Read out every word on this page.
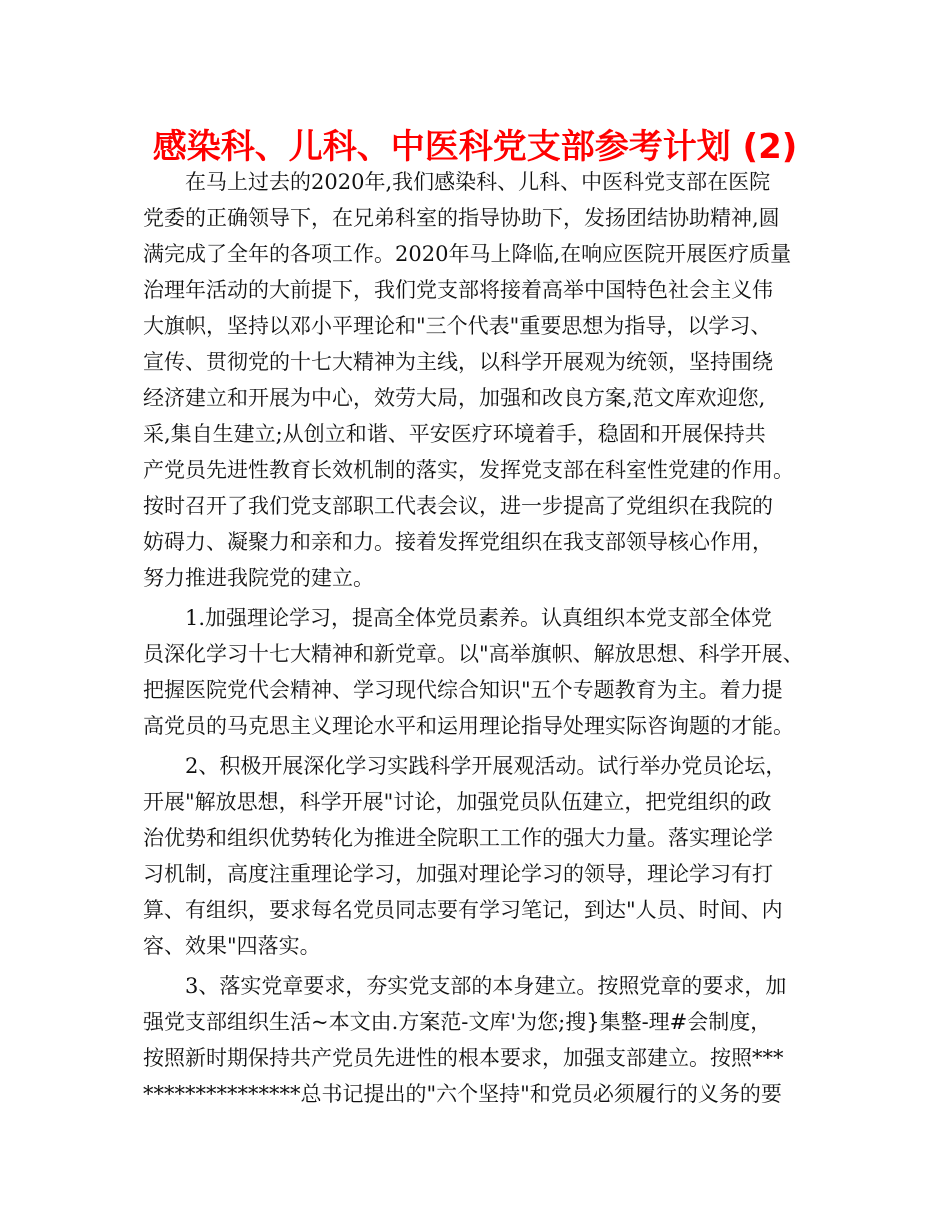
感染科、儿科、中医科党支部参考计划 (2)

　　在马上过去的2020年,我们感染科、儿科、中医科党支部在医院

党委的正确领导下，在兄弟科室的指导协助下，发扬团结协助精神,圆

满完成了全年的各项工作。2020年马上降临,在响应医院开展医疗质量

治理年活动的大前提下，我们党支部将接着高举中国特色社会主义伟

大旗帜，坚持以邓小平理论和"三个代表"重要思想为指导，以学习、

宣传、贯彻党的十七大精神为主线，以科学开展观为统领，坚持围绕

经济建立和开展为中心，效劳大局，加强和改良方案,范文库欢迎您,

采,集自生建立;从创立和谐、平安医疗环境着手，稳固和开展保持共

产党员先进性教育长效机制的落实，发挥党支部在科室性党建的作用。

按时召开了我们党支部职工代表会议，进一步提高了党组织在我院的

妨碍力、凝聚力和亲和力。接着发挥党组织在我支部领导核心作用，

努力推进我院党的建立。

　　1.加强理论学习，提高全体党员素养。认真组织本党支部全体党

员深化学习十七大精神和新党章。以"高举旗帜、解放思想、科学开展、

把握医院党代会精神、学习现代综合知识"五个专题教育为主。着力提

高党员的马克思主义理论水平和运用理论指导处理实际咨询题的才能。

　　2、积极开展深化学习实践科学开展观活动。试行举办党员论坛，

开展"解放思想，科学开展"讨论，加强党员队伍建立，把党组织的政

治优势和组织优势转化为推进全院职工工作的强大力量。落实理论学

习机制，高度注重理论学习，加强对理论学习的领导，理论学习有打

算、有组织，要求每名党员同志要有学习笔记，到达"人员、时间、内

容、效果"四落实。

　　3、落实党章要求，夯实党支部的本身建立。按照党章的要求，加

强党支部组织生活~本文由.方案范-文库'为您;搜}集整-理#会制度，

按照新时期保持共产党员先进性的根本要求，加强支部建立。按照***

***************总书记提出的"六个坚持"和党员必须履行的义务的要
